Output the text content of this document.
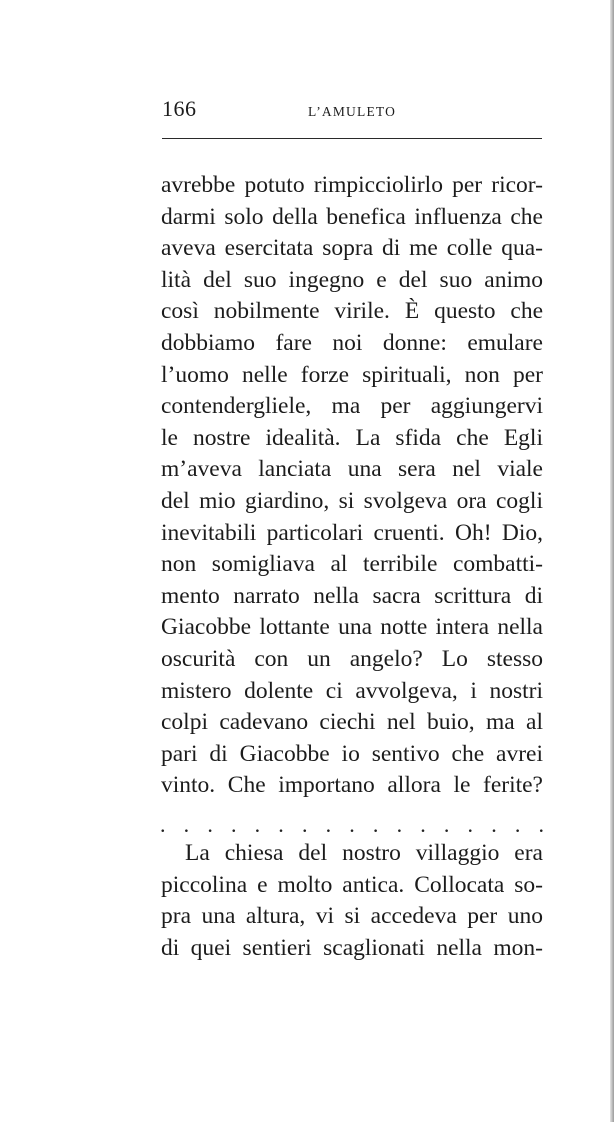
166	L’AMULETO
avrebbe potuto rimpicciolirlo per ricor-
darmi solo della benefica influenza che
aveva esercitata sopra di me colle qua-
lità del suo ingegno e del suo animo
così nobilmente virile. È questo che
dobbiamo fare noi donne: emulare
l’uomo nelle forze spirituali, non per
contendergliele, ma per aggiungervi
le nostre idealità. La sfida che Egli
m’aveva lanciata una sera nel viale
del mio giardino, si svolgeva ora cogli
inevitabili particolari cruenti. Oh! Dio,
non somigliava al terribile combatti-
mento narrato nella sacra scrittura di
Giacobbe lottante una notte intera nella
oscurità con un angelo? Lo stesso
mistero dolente ci avvolgeva, i nostri
colpi cadevano ciechi nel buio, ma al
pari di Giacobbe io sentivo che avrei
vinto. Che importano allora le ferite?
. . . . . . . . . . . . . . . . .
La chiesa del nostro villaggio era
piccolina e molto antica. Collocata so-
pra una altura, vi si accedeva per uno
di quei sentieri scaglionati nella mon-
